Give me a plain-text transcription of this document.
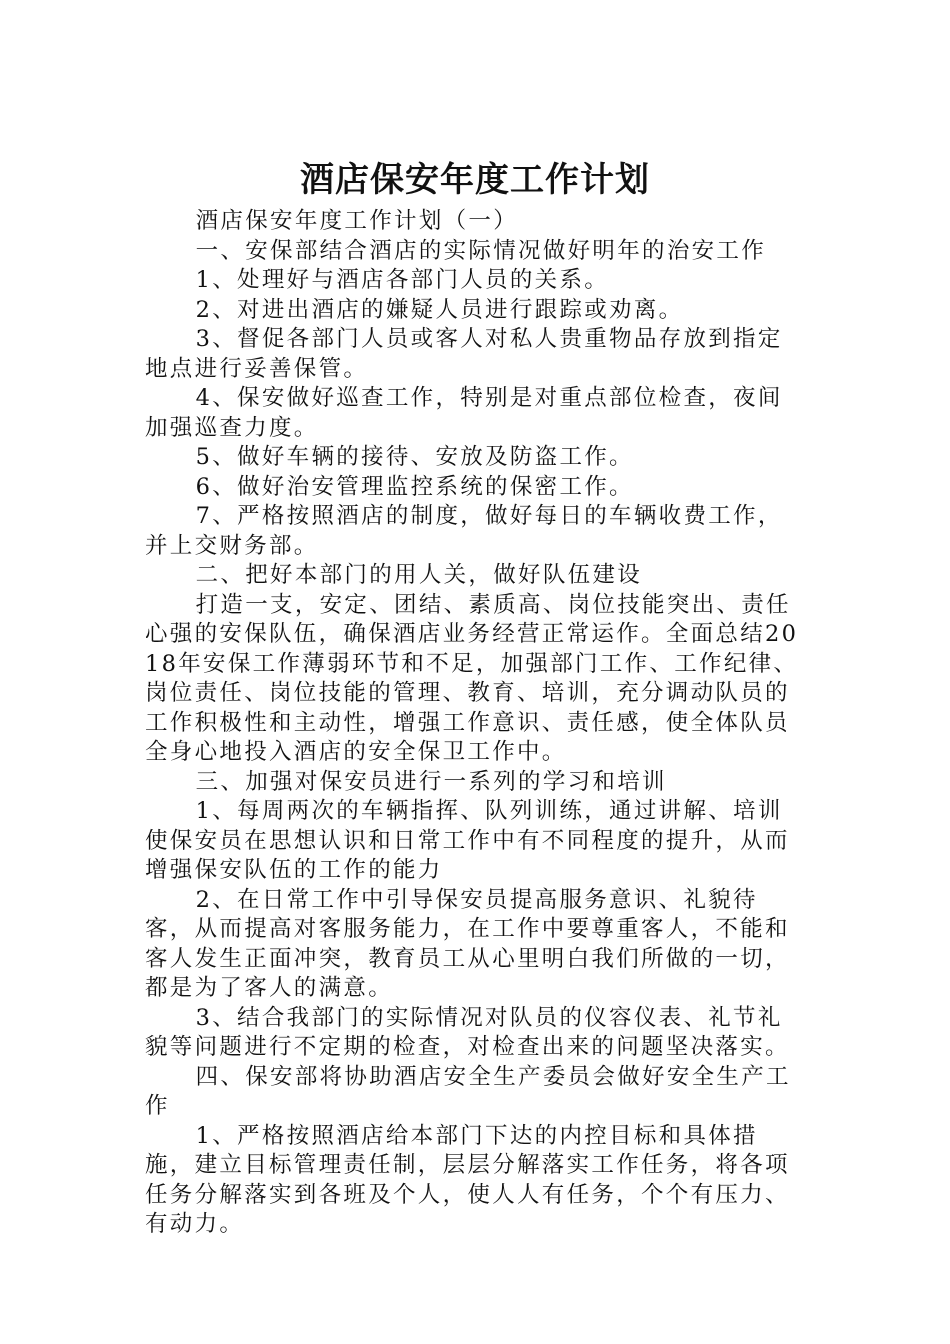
酒店保安年度工作计划

酒店保安年度工作计划（一）

一、安保部结合酒店的实际情况做好明年的治安工作

1、处理好与酒店各部门人员的关系。

2、对进出酒店的嫌疑人员进行跟踪或劝离。

3、督促各部门人员或客人对私人贵重物品存放到指定地点进行妥善保管。

4、保安做好巡查工作，特别是对重点部位检查，夜间加强巡查力度。

5、做好车辆的接待、安放及防盗工作。

6、做好治安管理监控系统的保密工作。

7、严格按照酒店的制度，做好每日的车辆收费工作，并上交财务部。

二、把好本部门的用人关，做好队伍建设

打造一支，安定、团结、素质高、岗位技能突出、责任心强的安保队伍，确保酒店业务经营正常运作。全面总结2018年安保工作薄弱环节和不足，加强部门工作、工作纪律、岗位责任、岗位技能的管理、教育、培训，充分调动队员的工作积极性和主动性，增强工作意识、责任感，使全体队员全身心地投入酒店的安全保卫工作中。

三、加强对保安员进行一系列的学习和培训

1、每周两次的车辆指挥、队列训练，通过讲解、培训使保安员在思想认识和日常工作中有不同程度的提升，从而增强保安队伍的工作的能力

2、在日常工作中引导保安员提高服务意识、礼貌待客，从而提高对客服务能力，在工作中要尊重客人，不能和客人发生正面冲突，教育员工从心里明白我们所做的一切，都是为了客人的满意。

3、结合我部门的实际情况对队员的仪容仪表、礼节礼貌等问题进行不定期的检查，对检查出来的问题坚决落实。

四、保安部将协助酒店安全生产委员会做好安全生产工作

1、严格按照酒店给本部门下达的内控目标和具体措施，建立目标管理责任制，层层分解落实工作任务，将各项任务分解落实到各班及个人，使人人有任务，个个有压力、有动力。
